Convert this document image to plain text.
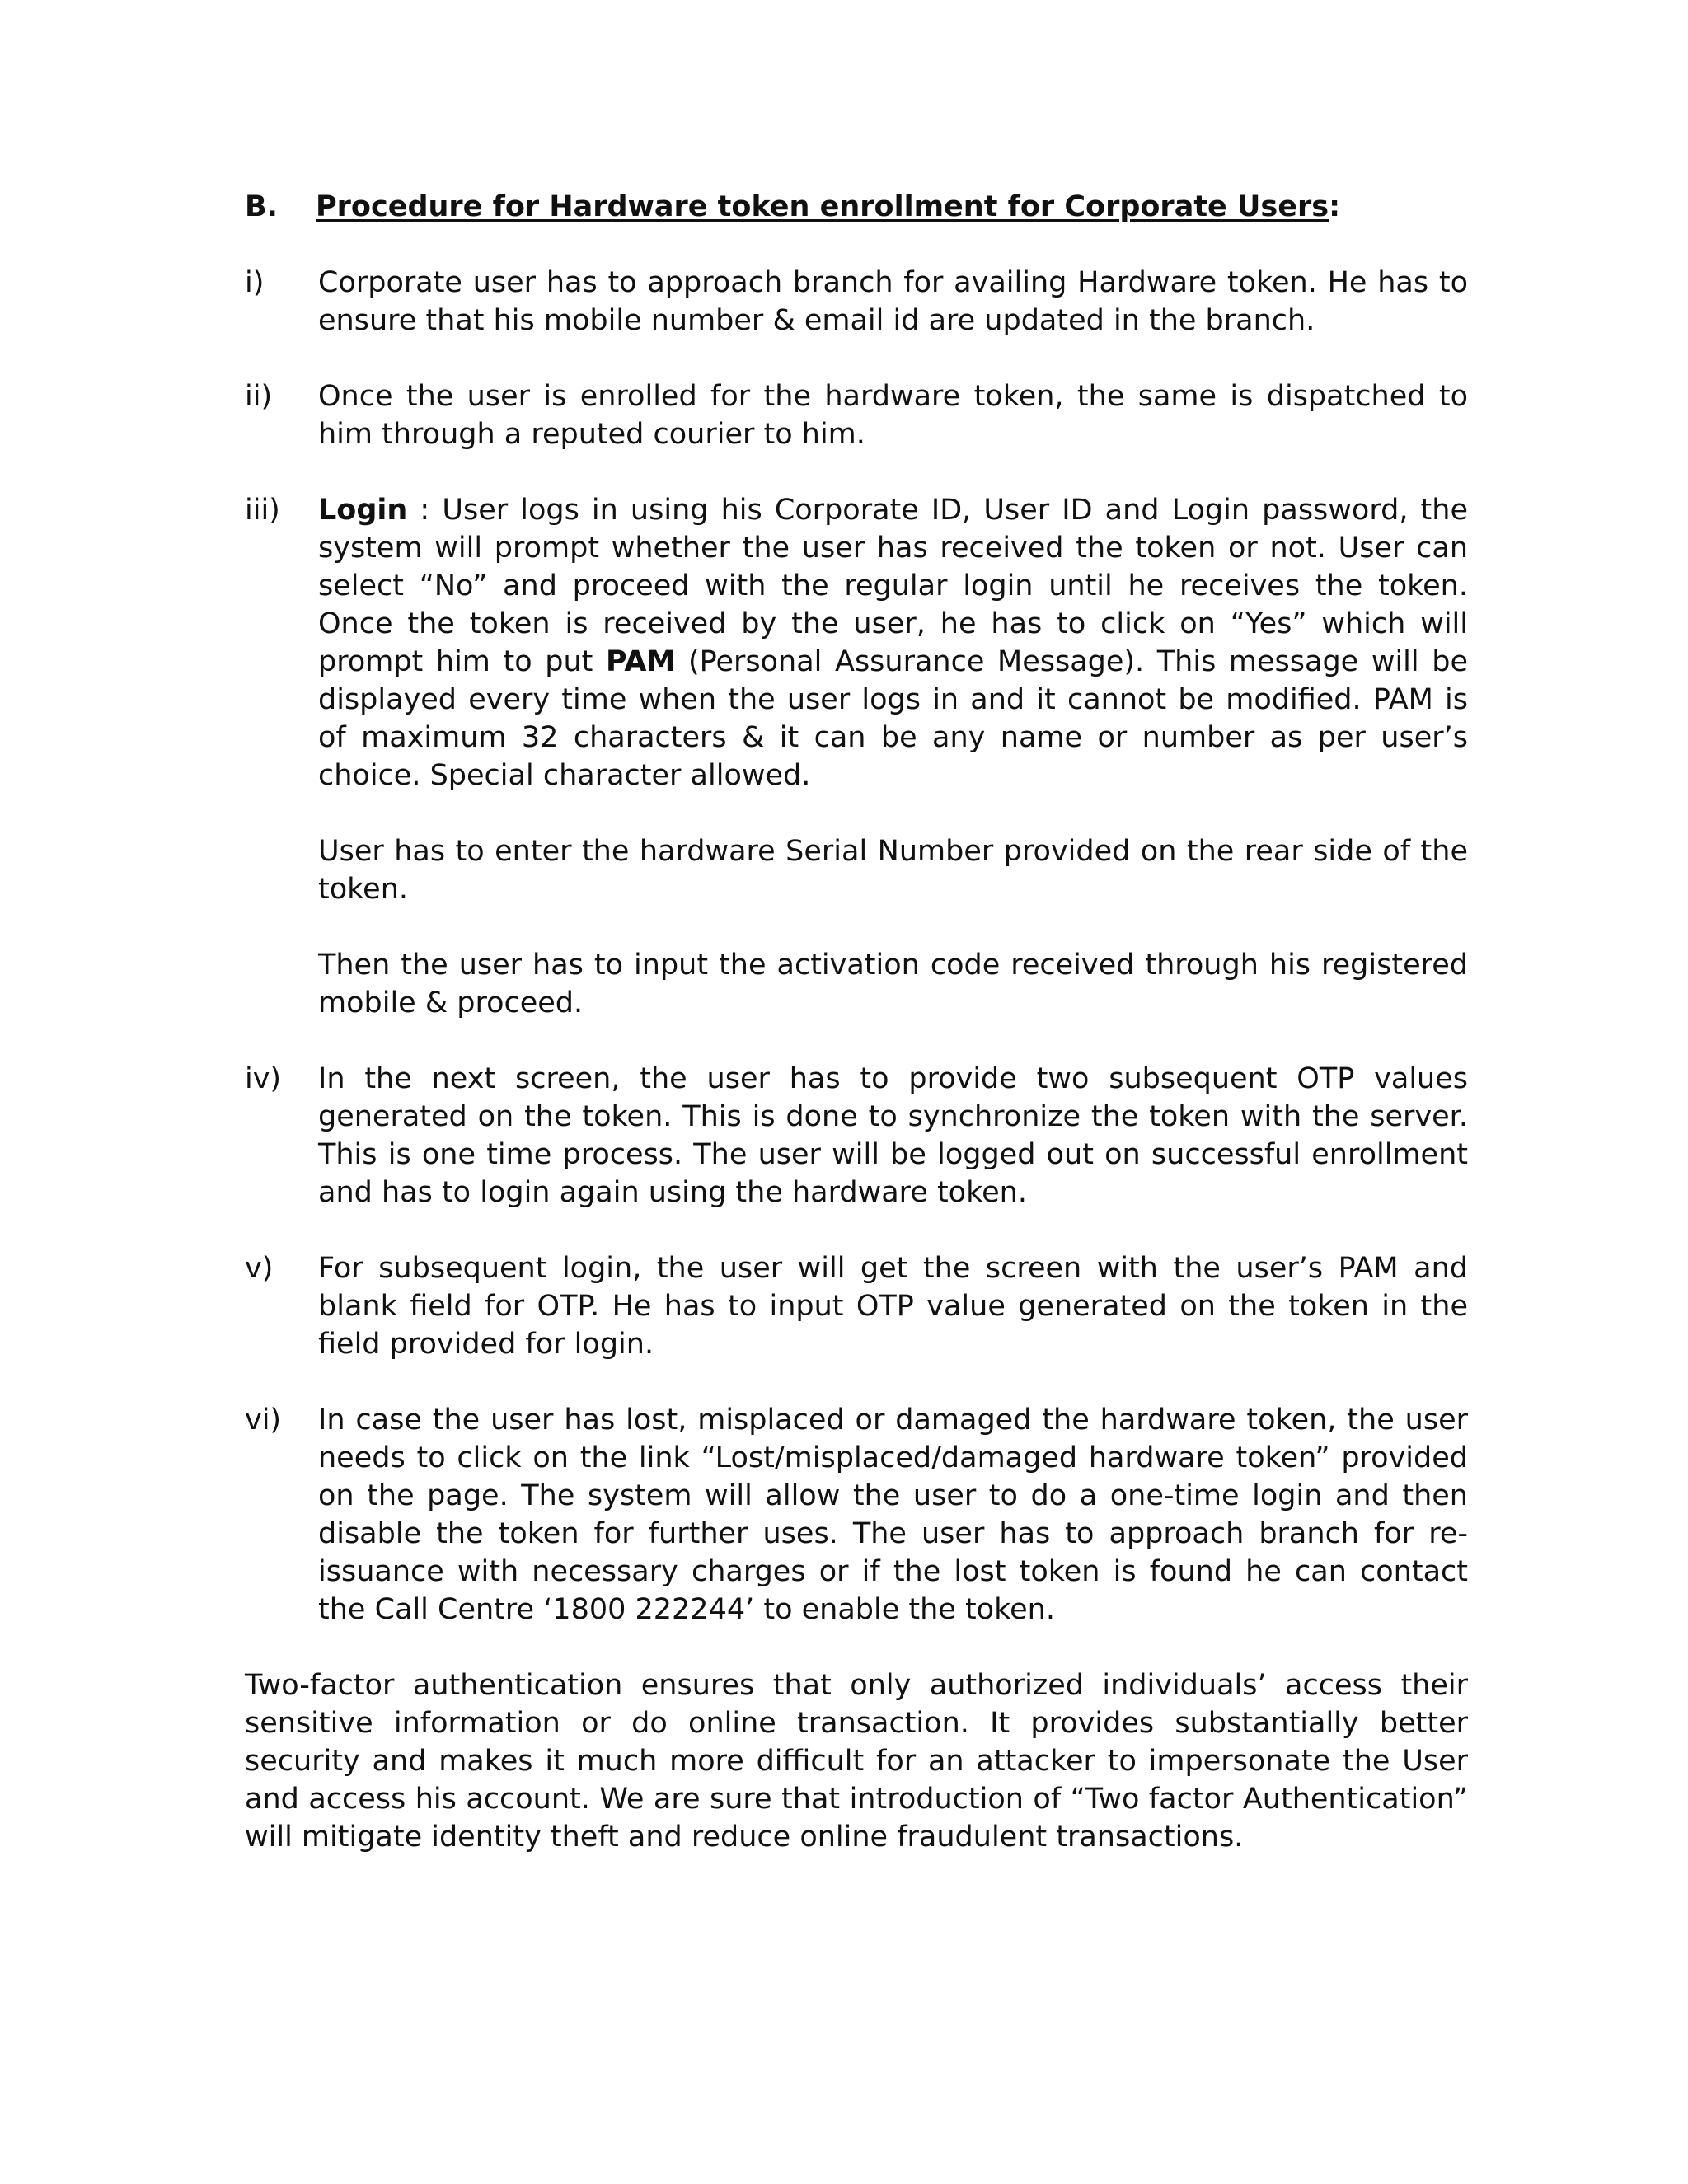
B. Procedure for Hardware token enrollment for Corporate Users:
i) Corporate user has to approach branch for availing Hardware token. He has to ensure that his mobile number & email id are updated in the branch.

ii) Once the user is enrolled for the hardware token, the same is dispatched to him through a reputed courier to him.

iii) Login : User logs in using his Corporate ID, User ID and Login password, the system will prompt whether the user has received the token or not. User can select “No” and proceed with the regular login until he receives the token. Once the token is received by the user, he has to click on “Yes” which will prompt him to put PAM (Personal Assurance Message). This message will be displayed every time when the user logs in and it cannot be modified. PAM is of maximum 32 characters & it can be any name or number as per user’s choice. Special character allowed.

User has to enter the hardware Serial Number provided on the rear side of the token.

Then the user has to input the activation code received through his registered mobile & proceed.

iv) In the next screen, the user has to provide two subsequent OTP values generated on the token. This is done to synchronize the token with the server. This is one time process. The user will be logged out on successful enrollment and has to login again using the hardware token.

v) For subsequent login, the user will get the screen with the user’s PAM and blank field for OTP. He has to input OTP value generated on the token in the field provided for login.

vi) In case the user has lost, misplaced or damaged the hardware token, the user needs to click on the link “Lost/misplaced/damaged hardware token” provided on the page. The system will allow the user to do a one-time login and then disable the token for further uses. The user has to approach branch for re-issuance with necessary charges or if the lost token is found he can contact the Call Centre ‘1800 222244’ to enable the token.

Two-factor authentication ensures that only authorized individuals’ access their sensitive information or do online transaction. It provides substantially better security and makes it much more difficult for an attacker to impersonate the User and access his account. We are sure that introduction of “Two factor Authentication” will mitigate identity theft and reduce online fraudulent transactions.
